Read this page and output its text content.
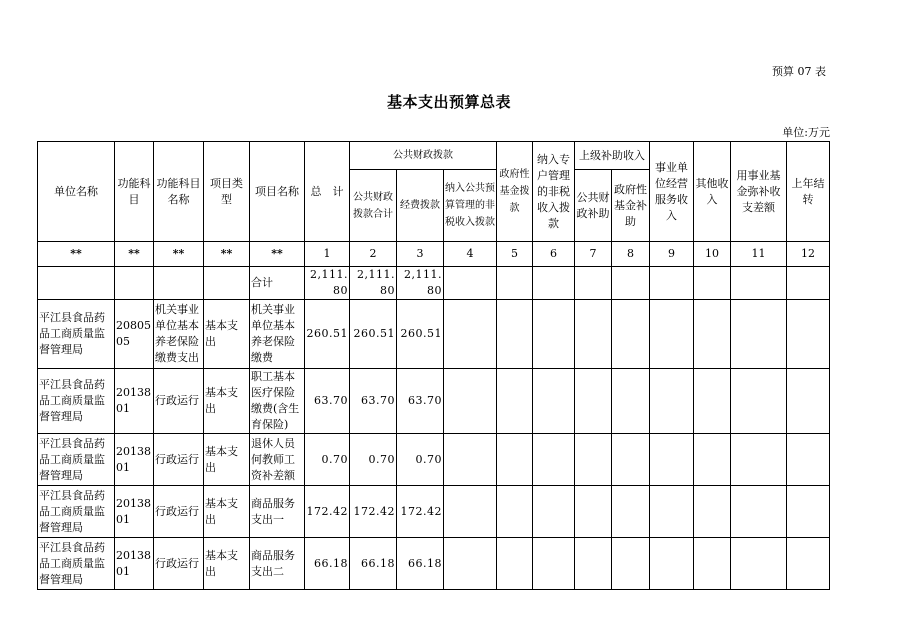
预算 07 表
基本支出预算总表
单位:万元
单位名称	功能科目	功能科目名称	项目类型	项目名称	总　计	公共财政拨款			政府性基金拨款	纳入专户管理的非税收入拨款	上级补助收入		事业单位经营服务收入	其他收入	用事业基金弥补收支差额	上年结转
						公共财政拨款合计	经费拨款	纳入公共预算管理的非税收入拨款			公共财政补助	政府性基金补助				
**	**	**	**	**	1	2	3	4	5	6	7	8	9	10	11	12
				合计	2,111.80	2,111.80	2,111.80									
平江县食品药品工商质量监督管理局	2080505	机关事业单位基本养老保险缴费支出	基本支出	机关事业单位基本养老保险缴费	260.51	260.51	260.51									
平江县食品药品工商质量监督管理局	2013801	行政运行	基本支出	职工基本医疗保险缴费(含生育保险)	63.70	63.70	63.70									
平江县食品药品工商质量监督管理局	2013801	行政运行	基本支出	退休人员何教师工资补差额	0.70	0.70	0.70									
平江县食品药品工商质量监督管理局	2013801	行政运行	基本支出	商品服务支出一	172.42	172.42	172.42									
平江县食品药品工商质量监督管理局	2013801	行政运行	基本支出	商品服务支出二	66.18	66.18	66.18									
